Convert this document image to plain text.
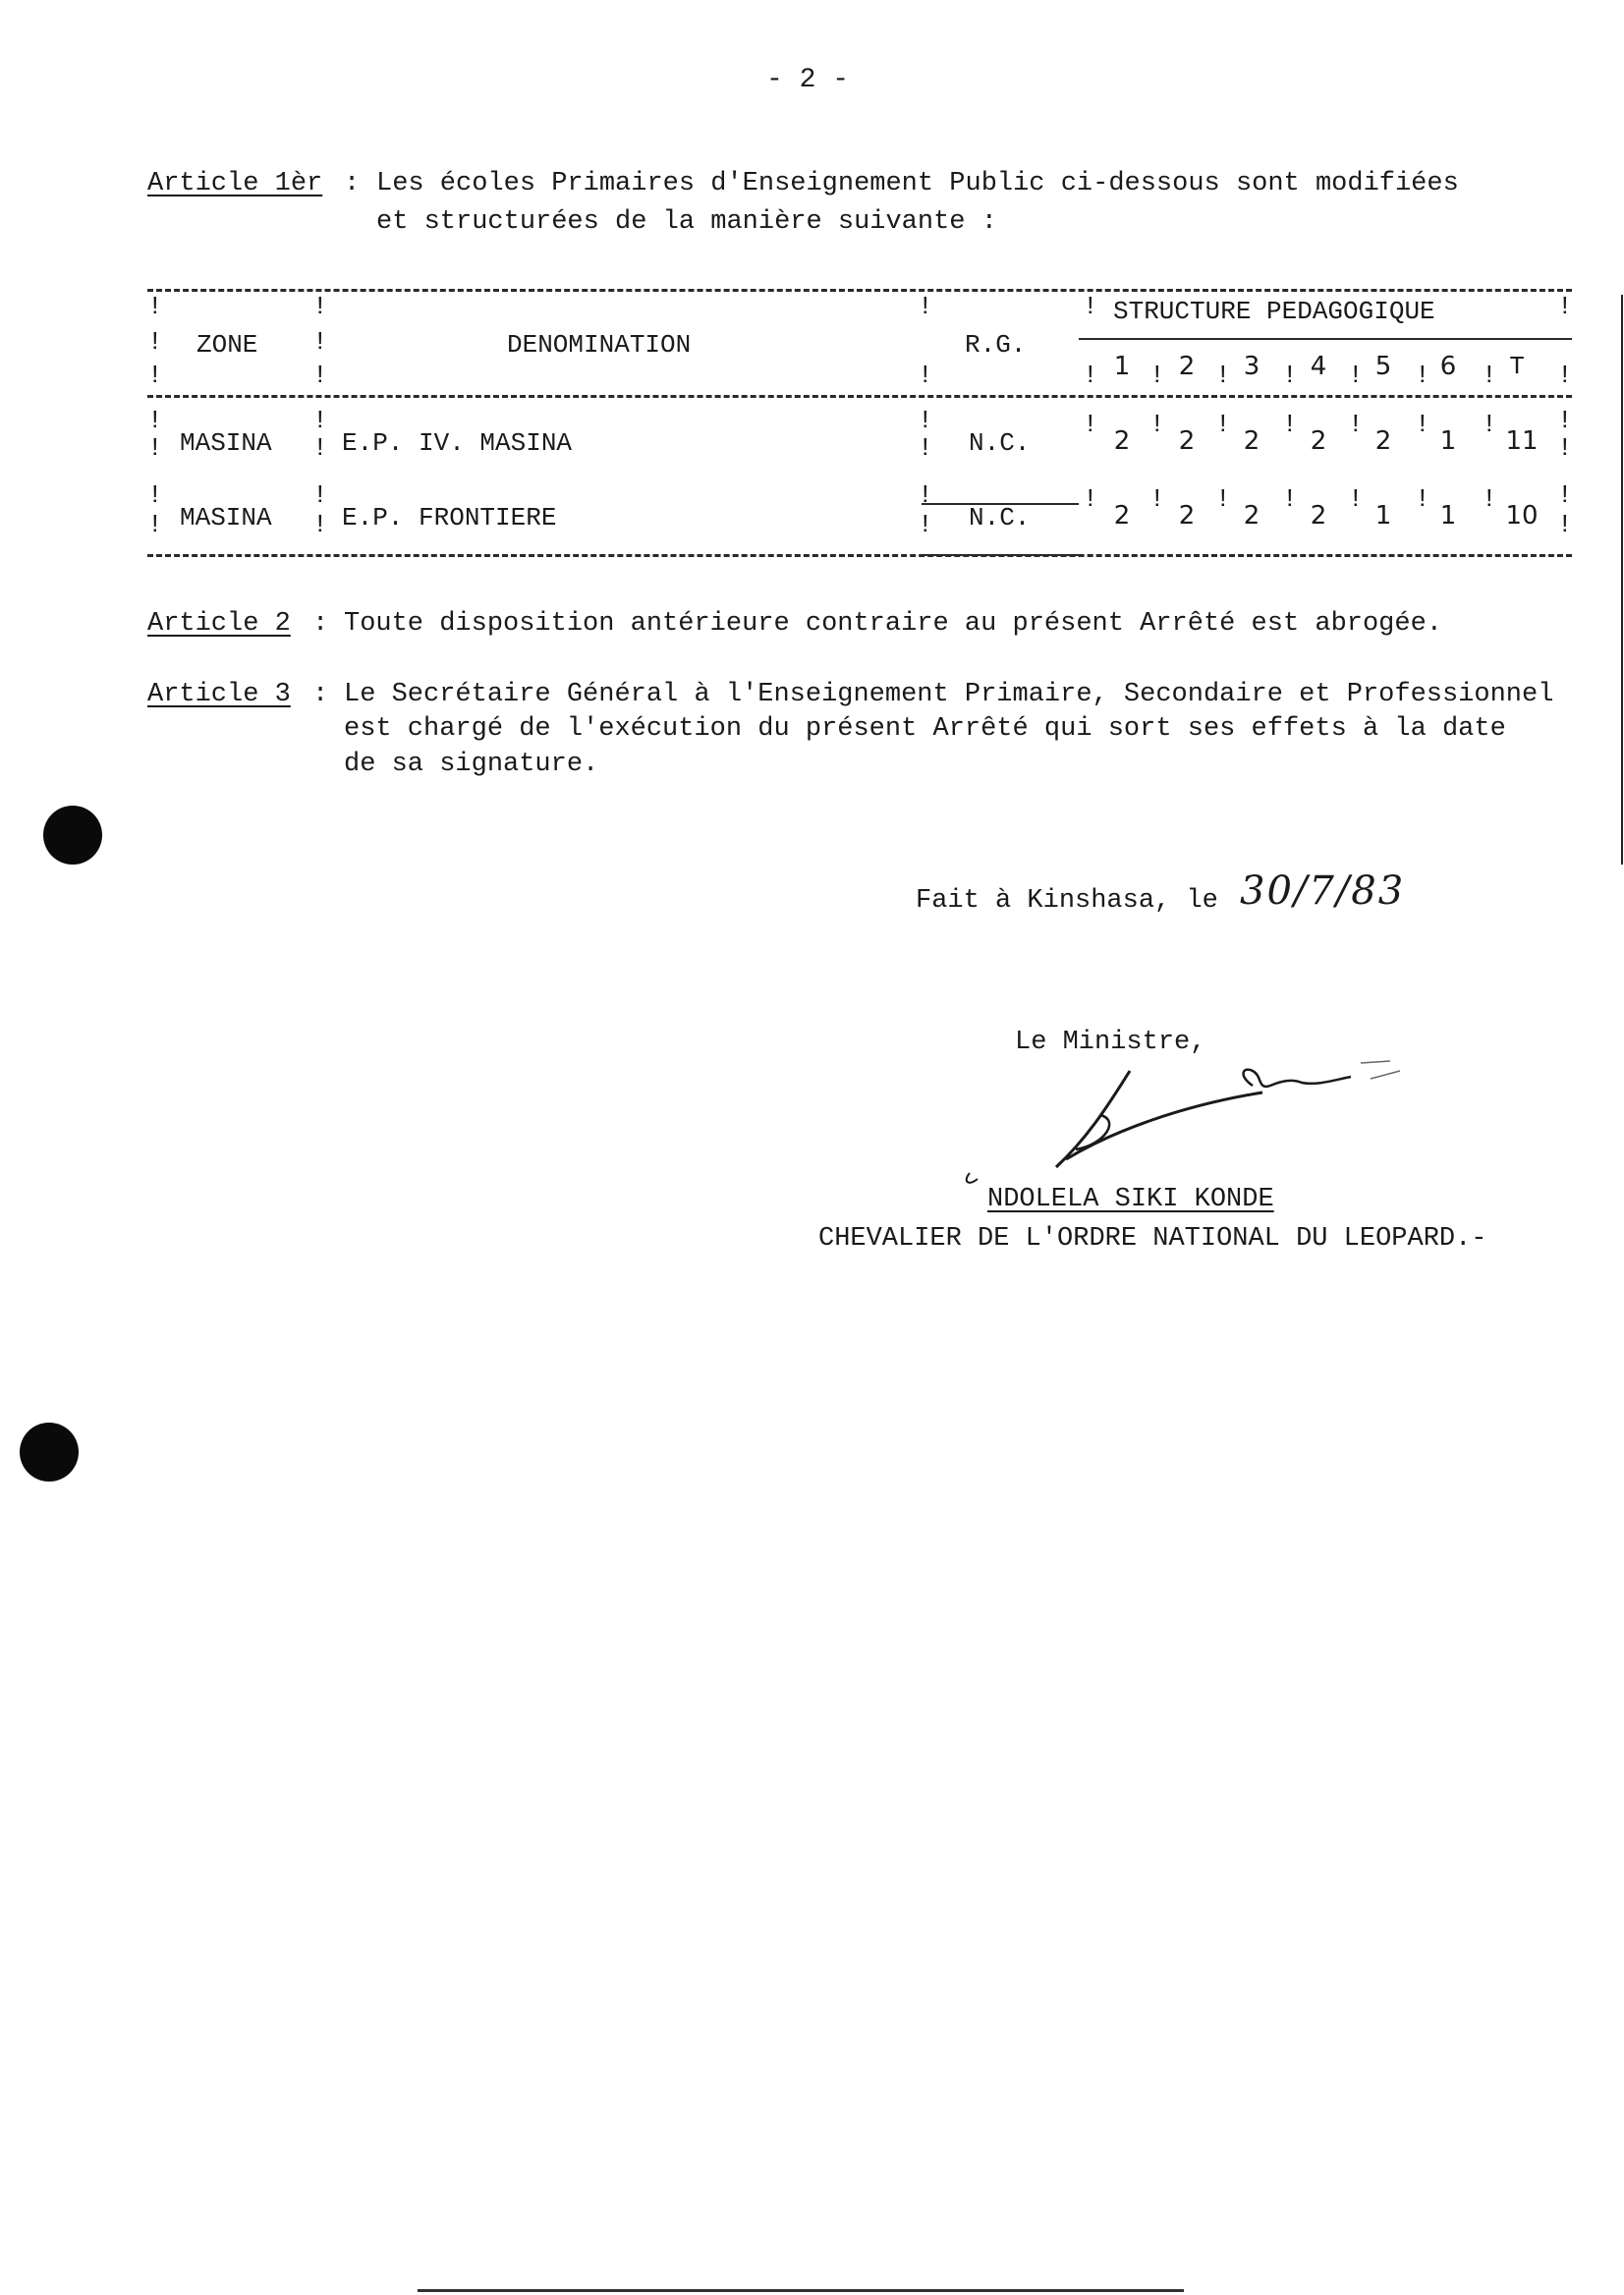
- 2 -
Article 1èr : Les écoles Primaires d'Enseignement Public ci-dessous sont modifiées
et structurées de la manière suivante :
!
!
!
!
!
!
!
!
!	!
!
ZONE	DENOMINATION	R.G.
STRUCTURE PEDAGOGIQUE
1	2	3	4	5	6	T
! ! ! ! ! ! !
!
!
!
!
!
!
!
!
MASINA	E.P. IV. MASINA	N.C.	2	2	2	2	2	1	11
! ! ! ! ! ! !
!
!
!
!
!
!
!
!
MASINA	E.P. FRONTIERE	N.C.	2	2	2	2	1	1	10
! ! ! ! ! ! !
Article 2 : Toute disposition antérieure contraire au présent Arrêté est abrogée.
Article 3 : Le Secrétaire Général à l'Enseignement Primaire, Secondaire et Professionnel
est chargé de l'exécution du présent Arrêté qui sort ses effets à la date
de sa signature.
Fait à Kinshasa, le 30/7/83
Le Ministre,
NDOLELA SIKI KONDE
CHEVALIER DE L'ORDRE NATIONAL DU LEOPARD.-
